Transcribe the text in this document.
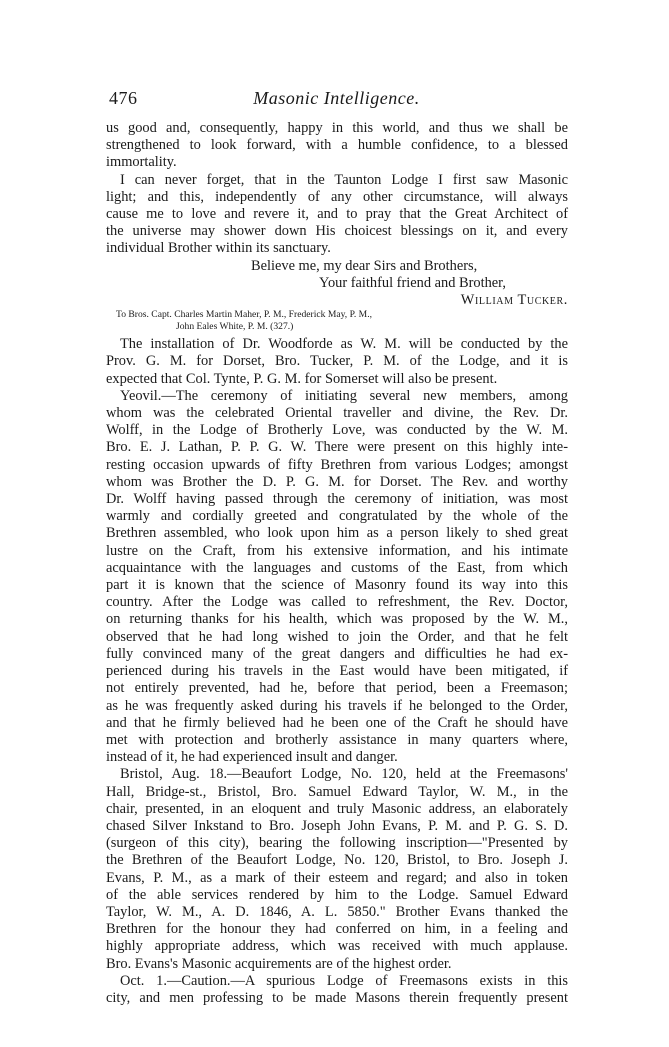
476	Masonic Intelligence.
us good and, consequently, happy in this world, and thus we shall be
strengthened to look forward, with a humble confidence, to a blessed
immortality.
I can never forget, that in the Taunton Lodge I first saw Masonic
light; and this, independently of any other circumstance, will always
cause me to love and revere it, and to pray that the Great Architect of
the universe may shower down His choicest blessings on it, and every
individual Brother within its sanctuary.
Believe me, my dear Sirs and Brothers,
Your faithful friend and Brother,
William Tucker.
To Bros. Capt. Charles Martin Maher, P. M., Frederick May, P. M.,
John Eales White, P. M. (327.)
The installation of Dr. Woodforde as W. M. will be conducted by the
Prov. G. M. for Dorset, Bro. Tucker, P. M. of the Lodge, and it is
expected that Col. Tynte, P. G. M. for Somerset will also be present.
Yeovil.—The ceremony of initiating several new members, among
whom was the celebrated Oriental traveller and divine, the Rev. Dr.
Wolff, in the Lodge of Brotherly Love, was conducted by the W. M.
Bro. E. J. Lathan, P. P. G. W. There were present on this highly inte-
resting occasion upwards of fifty Brethren from various Lodges; amongst
whom was Brother the D. P. G. M. for Dorset. The Rev. and worthy
Dr. Wolff having passed through the ceremony of initiation, was most
warmly and cordially greeted and congratulated by the whole of the
Brethren assembled, who look upon him as a person likely to shed great
lustre on the Craft, from his extensive information, and his intimate
acquaintance with the languages and customs of the East, from which
part it is known that the science of Masonry found its way into this
country. After the Lodge was called to refreshment, the Rev. Doctor,
on returning thanks for his health, which was proposed by the W. M.,
observed that he had long wished to join the Order, and that he felt
fully convinced many of the great dangers and difficulties he had ex-
perienced during his travels in the East would have been mitigated, if
not entirely prevented, had he, before that period, been a Freemason;
as he was frequently asked during his travels if he belonged to the Order,
and that he firmly believed had he been one of the Craft he should have
met with protection and brotherly assistance in many quarters where,
instead of it, he had experienced insult and danger.
Bristol, Aug. 18.—Beaufort Lodge, No. 120, held at the Freemasons'
Hall, Bridge-st., Bristol, Bro. Samuel Edward Taylor, W. M., in the
chair, presented, in an eloquent and truly Masonic address, an elaborately
chased Silver Inkstand to Bro. Joseph John Evans, P. M. and P. G. S. D.
(surgeon of this city), bearing the following inscription—"Presented by
the Brethren of the Beaufort Lodge, No. 120, Bristol, to Bro. Joseph J.
Evans, P. M., as a mark of their esteem and regard; and also in token
of the able services rendered by him to the Lodge. Samuel Edward
Taylor, W. M., A. D. 1846, A. L. 5850." Brother Evans thanked the
Brethren for the honour they had conferred on him, in a feeling and
highly appropriate address, which was received with much applause.
Bro. Evans's Masonic acquirements are of the highest order.
Oct. 1.—Caution.—A spurious Lodge of Freemasons exists in this
city, and men professing to be made Masons therein frequently present
